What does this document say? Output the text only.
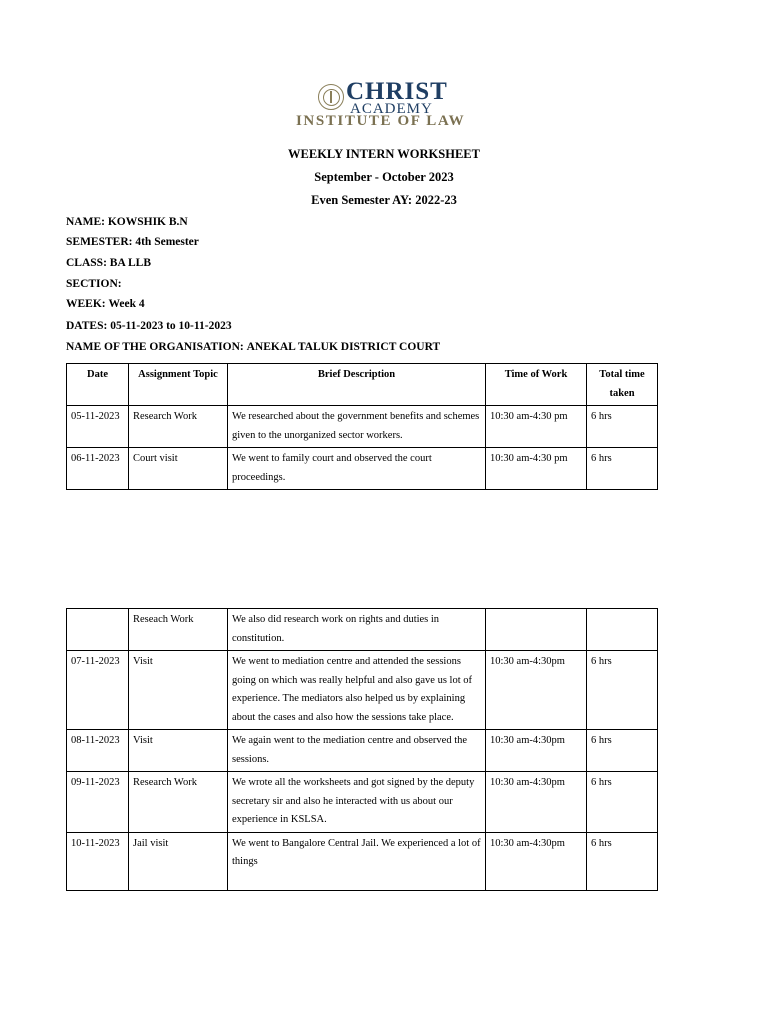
CHRIST
ACADEMY
INSTITUTE OF LAW
WEEKLY INTERN WORKSHEET
September - October 2023
Even Semester AY: 2022-23
NAME: KOWSHIK B.N
SEMESTER: 4th Semester
CLASS: BA LLB
SECTION:
WEEK: Week 4
DATES: 05-11-2023 to 10-11-2023
NAME OF THE ORGANISATION: ANEKAL TALUK DISTRICT COURT
Date	Assignment Topic	Brief Description	Time of Work	Total time taken
05-11-2023	Research Work	We researched about the government benefits and schemes given to the unorganized sector workers.	10:30 am-4:30 pm	6 hrs
06-11-2023	Court visit	We went to family court and observed the court proceedings.	10:30 am-4:30 pm	6 hrs
	Reseach Work	We also did research work on rights and duties in constitution.		
07-11-2023	Visit	We went to mediation centre and attended the sessions going on which was really helpful and also gave us lot of experience. The mediators also helped us by explaining about the cases and also how the sessions take place.	10:30 am-4:30pm	6 hrs
08-11-2023	Visit	We again went to the mediation centre and observed the sessions.	10:30 am-4:30pm	6 hrs
09-11-2023	Research Work	We wrote all the worksheets and got signed by the deputy secretary sir and also he interacted with us about our experience in KSLSA.	10:30 am-4:30pm	6 hrs
10-11-2023	Jail visit	We went to Bangalore Central Jail. We experienced a lot of things	10:30 am-4:30pm	6 hrs
